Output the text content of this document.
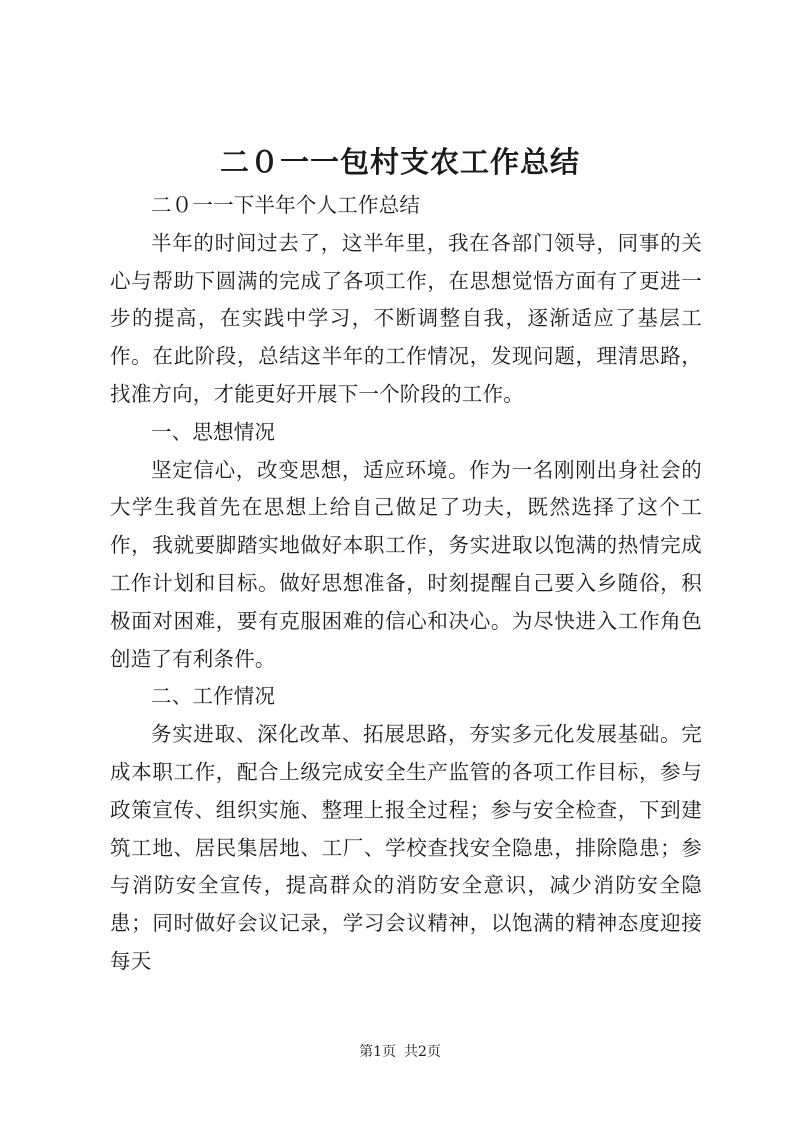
二０一一包村支农工作总结

二０一一下半年个人工作总结

半年的时间过去了，这半年里，我在各部门领导，同事的关心与帮助下圆满的完成了各项工作，在思想觉悟方面有了更进一步的提高，在实践中学习，不断调整自我，逐渐适应了基层工作。在此阶段，总结这半年的工作情况，发现问题，理清思路，找准方向，才能更好开展下一个阶段的工作。

一、思想情况

坚定信心，改变思想，适应环境。作为一名刚刚出身社会的大学生我首先在思想上给自己做足了功夫，既然选择了这个工作，我就要脚踏实地做好本职工作，务实进取以饱满的热情完成工作计划和目标。做好思想准备，时刻提醒自己要入乡随俗，积极面对困难，要有克服困难的信心和决心。为尽快进入工作角色创造了有利条件。

二、工作情况

务实进取、深化改革、拓展思路，夯实多元化发展基础。完成本职工作，配合上级完成安全生产监管的各项工作目标，参与政策宣传、组织实施、整理上报全过程；参与安全检查，下到建筑工地、居民集居地、工厂、学校查找安全隐患，排除隐患；参与消防安全宣传，提高群众的消防安全意识，减少消防安全隐患；同时做好会议记录，学习会议精神，以饱满的精神态度迎接每天

第1页 共2页
